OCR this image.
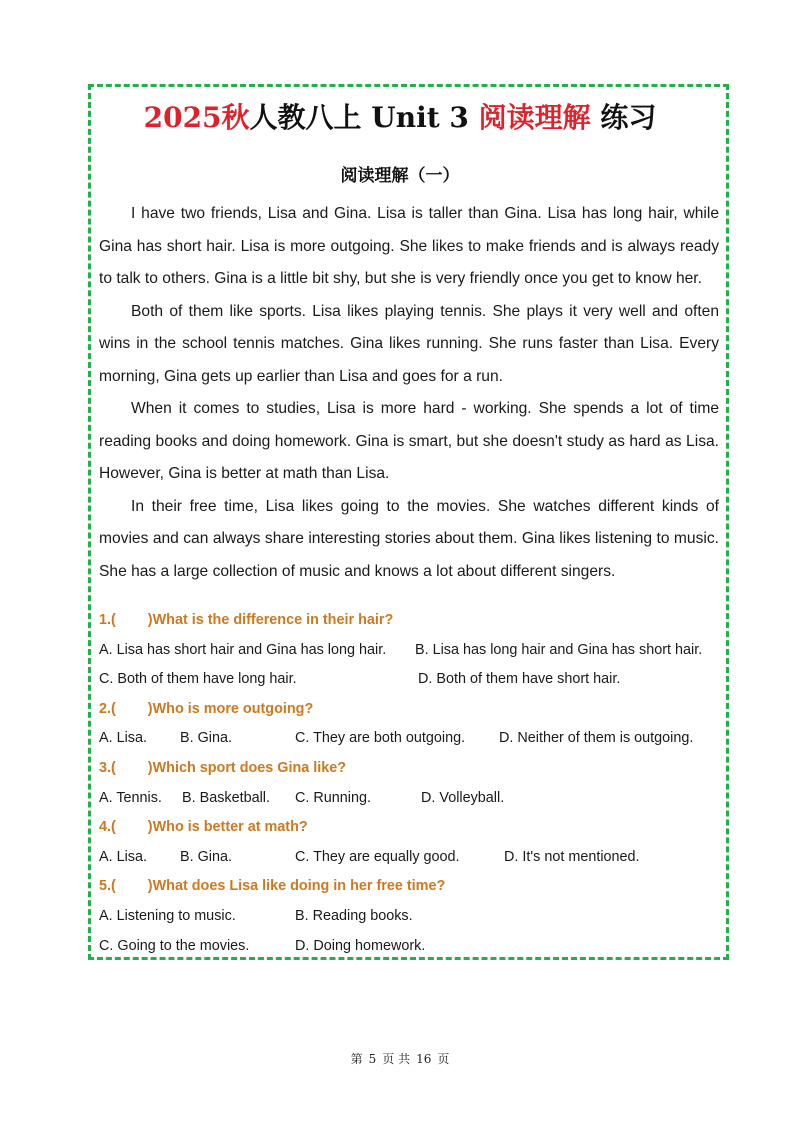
2025秋人教八上 Unit 3 阅读理解 练习
阅读理解（一）

I have two friends, Lisa and Gina. Lisa is taller than Gina. Lisa has long hair, while Gina has short hair. Lisa is more outgoing. She likes to make friends and is always ready to talk to others. Gina is a little bit shy, but she is very friendly once you get to know her.

Both of them like sports. Lisa likes playing tennis. She plays it very well and often wins in the school tennis matches. Gina likes running. She runs faster than Lisa. Every morning, Gina gets up earlier than Lisa and goes for a run.

When it comes to studies, Lisa is more hard - working. She spends a lot of time reading books and doing homework. Gina is smart, but she doesn't study as hard as Lisa. However, Gina is better at math than Lisa.

In their free time, Lisa likes going to the movies. She watches different kinds of movies and can always share interesting stories about them. Gina likes listening to music. She has a large collection of music and knows a lot about different singers.

1.(        )What is the difference in their hair?
A. Lisa has short hair and Gina has long hair. B. Lisa has long hair and Gina has short hair.
C. Both of them have long hair.	D. Both of them have short hair.
2.(        )Who is more outgoing?
A. Lisa. B. Gina.	C. They are both outgoing. D. Neither of them is outgoing.
3.(        )Which sport does Gina like?
A. Tennis. B. Basketball. C. Running.	D. Volleyball.
4.(        )Who is better at math?
A. Lisa. B. Gina.	C. They are equally good.	D. It's not mentioned.
5.(        )What does Lisa like doing in her free time?
A. Listening to music.	B. Reading books.
C. Going to the movies.	D. Doing homework.
第 5 页 共 16 页
